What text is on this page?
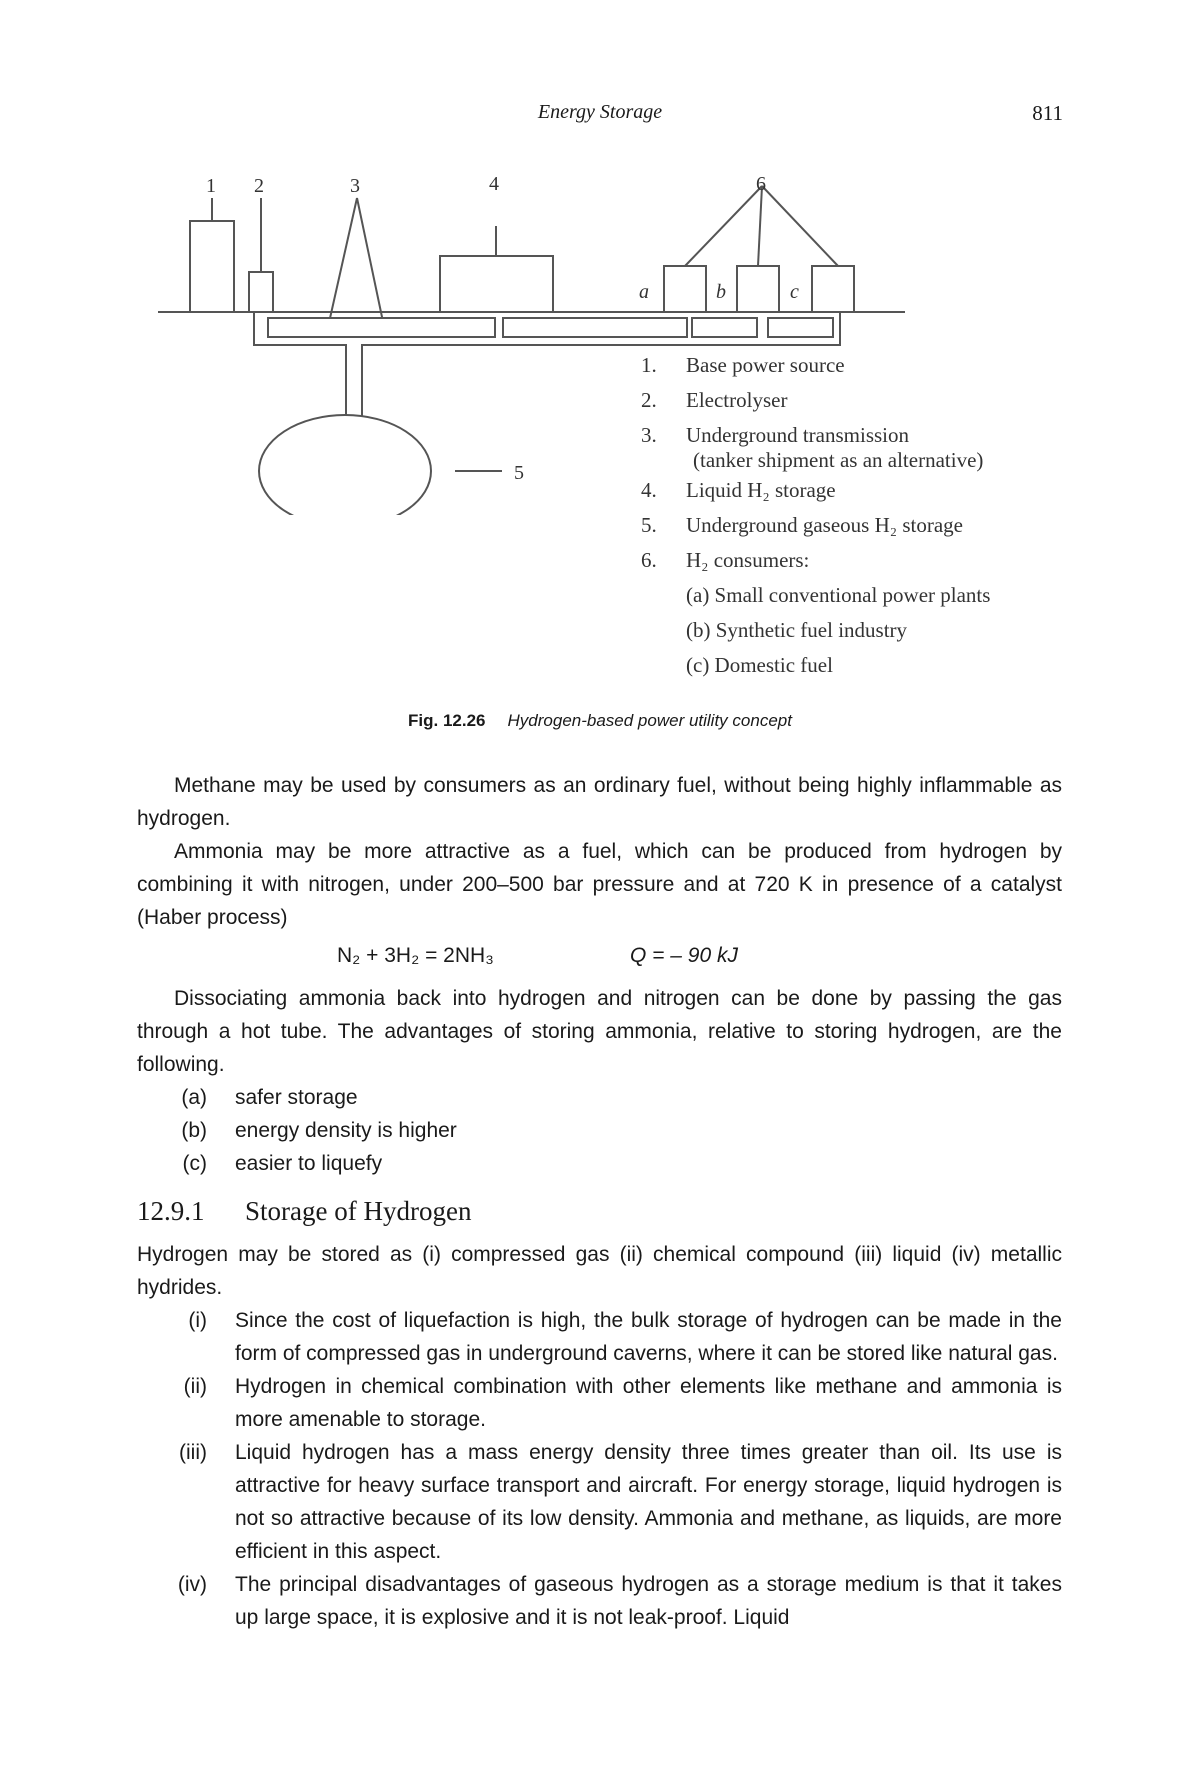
Energy Storage	811
1 2	3	4
5
6
a	b	c
1. Base power source
2. Electrolyser
3. Underground transmission
(tanker shipment as an alternative)
4. Liquid H₂ storage
5. Underground gaseous H₂ storage
6. H₂ consumers:
(a) Small conventional power plants
(b) Synthetic fuel industry
(c) Domestic fuel
Fig. 12.26 Hydrogen-based power utility concept

Methane may be used by consumers as an ordinary fuel, without being highly inflammable as hydrogen.

Ammonia may be more attractive as a fuel, which can be produced from hydrogen by combining it with nitrogen, under 200–500 bar pressure and at 720 K in presence of a catalyst (Haber process)

N₂ + 3H₂ = 2NH₃	Q = – 90 kJ

Dissociating ammonia back into hydrogen and nitrogen can be done by passing the gas through a hot tube. The advantages of storing ammonia, relative to storing hydrogen, are the following.

(a) safer storage
(b) energy density is higher
(c) easier to liquefy
12.9.1 Storage of Hydrogen

Hydrogen may be stored as (i) compressed gas (ii) chemical compound (iii) liquid (iv) metallic hydrides.

(i) Since the cost of liquefaction is high, the bulk storage of hydrogen can be made in the form of compressed gas in underground caverns, where it can be stored like natural gas.
(ii) Hydrogen in chemical combination with other elements like methane and ammonia is more amenable to storage.
(iii) Liquid hydrogen has a mass energy density three times greater than oil. Its use is attractive for heavy surface transport and aircraft. For energy storage, liquid hydrogen is not so attractive because of its low density. Ammonia and methane, as liquids, are more efficient in this aspect.
(iv) The principal disadvantages of gaseous hydrogen as a storage medium is that it takes up large space, it is explosive and it is not leak-proof. Liquid
